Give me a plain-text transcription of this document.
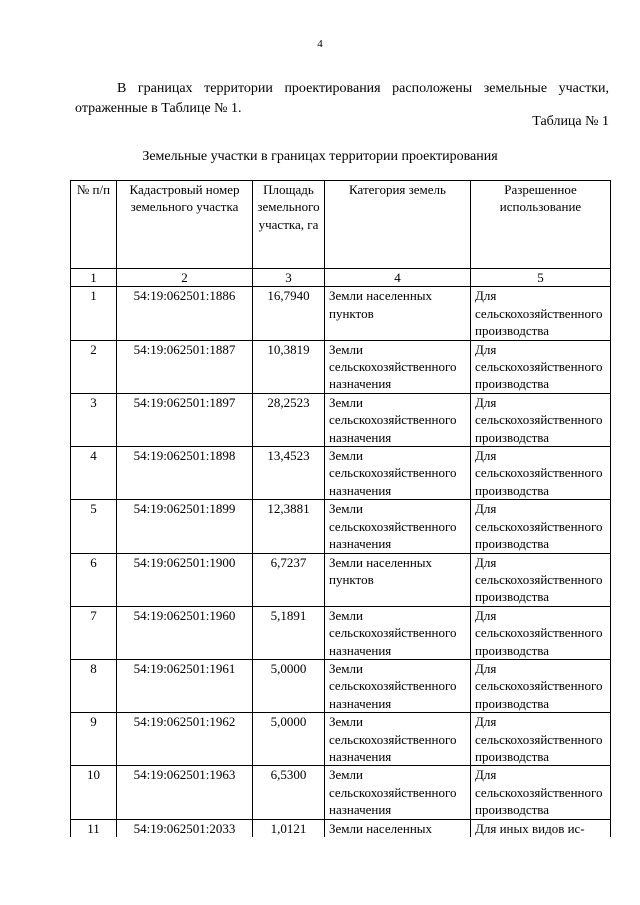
4
В границах территории проектирования расположены земельные участки, отраженные в Таблице № 1.
Таблица № 1
Земельные участки в границах территории проектирования
№ п/п	Кадастровый номер земельного участка	Площадь земельного участка, га	Категория земель	Разрешенное использование
1	2	3	4	5
1	54:19:062501:1886	16,7940	Земли населенных пунктов	Для сельскохозяйственного производства
2	54:19:062501:1887	10,3819	Земли сельскохозяйственного назначения	Для сельскохозяйственного производства
3	54:19:062501:1897	28,2523	Земли сельскохозяйственного назначения	Для сельскохозяйственного производства
4	54:19:062501:1898	13,4523	Земли сельскохозяйственного назначения	Для сельскохозяйственного производства
5	54:19:062501:1899	12,3881	Земли сельскохозяйственного назначения	Для сельскохозяйственного производства
6	54:19:062501:1900	6,7237	Земли населенных пунктов	Для сельскохозяйственного производства
7	54:19:062501:1960	5,1891	Земли сельскохозяйственного назначения	Для сельскохозяйственного производства
8	54:19:062501:1961	5,0000	Земли сельскохозяйственного назначения	Для сельскохозяйственного производства
9	54:19:062501:1962	5,0000	Земли сельскохозяйственного назначения	Для сельскохозяйственного производства
10	54:19:062501:1963	6,5300	Земли сельскохозяйственного назначения	Для сельскохозяйственного производства
11	54:19:062501:2033	1,0121	Земли населенных	Для иных видов ис-
